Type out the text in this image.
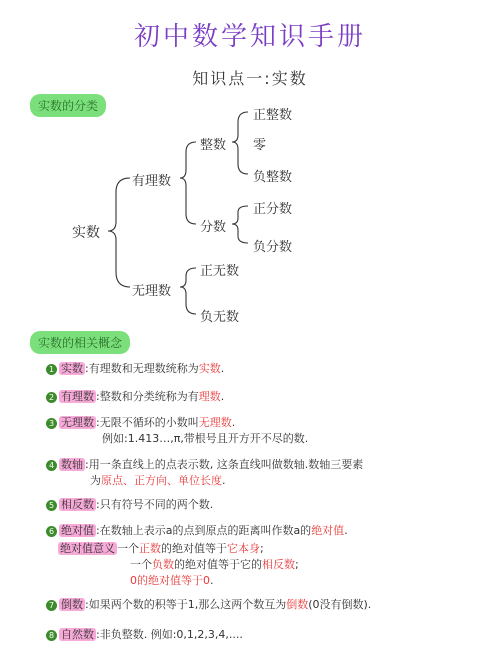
初中数学知识手册
知识点一:实数
实数的分类
实数
有理数
无理数
整数
分数
正整数
零
负整数
正分数
负分数
正无数
负无数
实数的相关概念
1 实数 :有理数和无理数统称为实数.
2 有理数 :整数和分类统称为有理数.
3 无理数 :无限不循环的小数叫无理数.
例如:1.413…,π,带根号且开方开不尽的数.
4 数轴 :用一条直线上的点表示数, 这条直线叫做数轴.数轴三要素
为原点、正方向、单位长度.
5 相反数 :只有符号不同的两个数.
6 绝对值 :在数轴上表示a的点到原点的距离叫作数a的绝对值.
绝对值意义 一个正数的绝对值等于它本身;
一个负数的绝对值等于它的相反数;
0的绝对值等于0.
7 倒数 :如果两个数的积等于1,那么这两个数互为倒数(0没有倒数).
8 自然数 :非负整数. 例如:0,1,2,3,4,....
